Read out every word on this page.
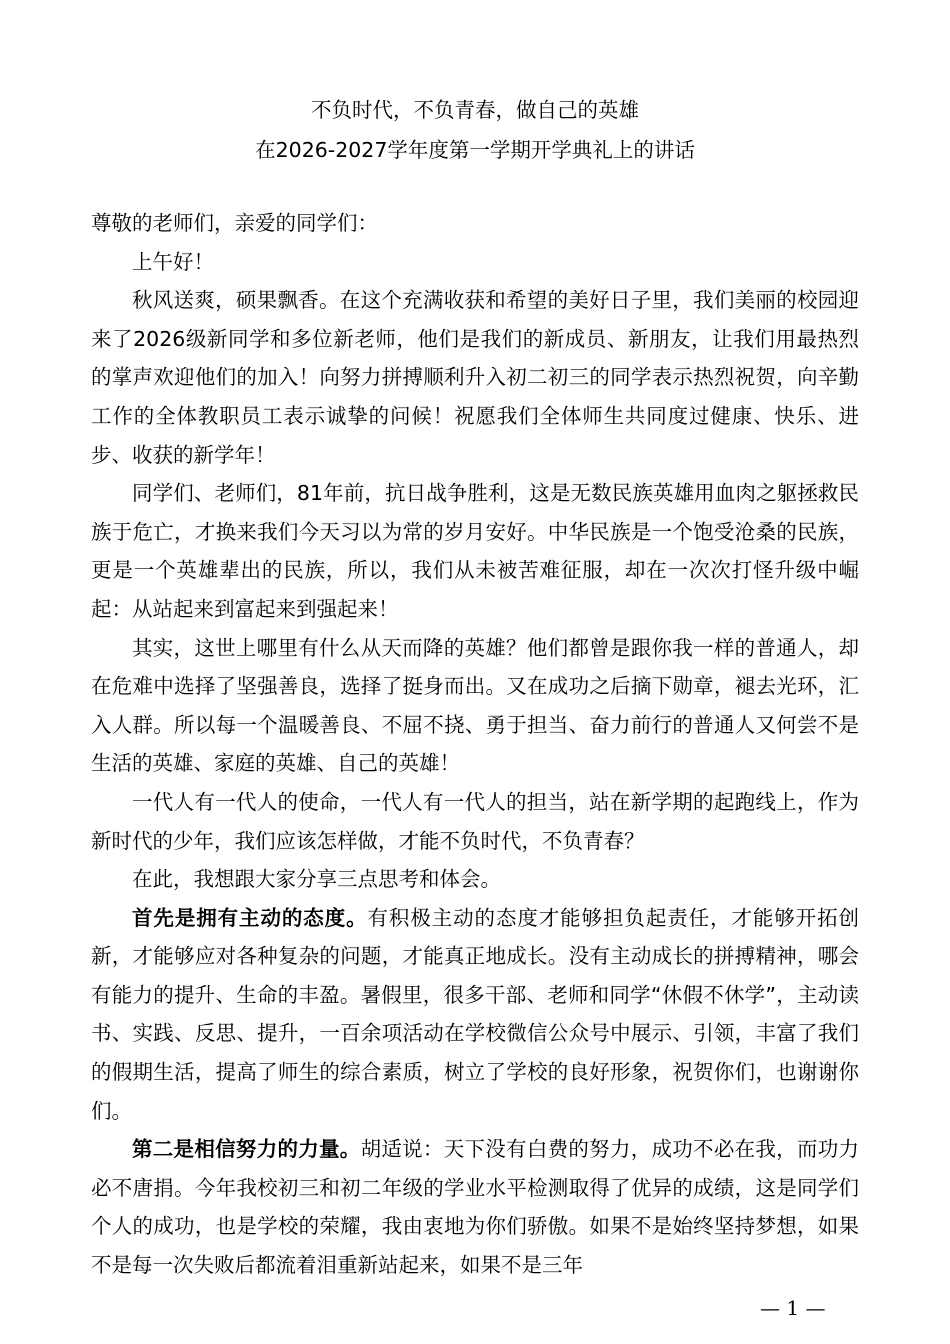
不负时代，不负青春，做自己的英雄
在2026-2027学年度第一学期开学典礼上的讲话

尊敬的老师们，亲爱的同学们：

上午好！

秋风送爽，硕果飘香。在这个充满收获和希望的美好日子里，我们美丽的校园迎来了2026级新同学和多位新老师，他们是我们的新成员、新朋友，让我们用最热烈的掌声欢迎他们的加入！向努力拼搏顺利升入初二初三的同学表示热烈祝贺，向辛勤工作的全体教职员工表示诚挚的问候！祝愿我们全体师生共同度过健康、快乐、进步、收获的新学年！

同学们、老师们，81年前，抗日战争胜利，这是无数民族英雄用血肉之躯拯救民族于危亡，才换来我们今天习以为常的岁月安好。中华民族是一个饱受沧桑的民族，更是一个英雄辈出的民族，所以，我们从未被苦难征服，却在一次次打怪升级中崛起：从站起来到富起来到强起来！

其实，这世上哪里有什么从天而降的英雄？他们都曾是跟你我一样的普通人，却在危难中选择了坚强善良，选择了挺身而出。又在成功之后摘下勋章，褪去光环，汇入人群。所以每一个温暖善良、不屈不挠、勇于担当、奋力前行的普通人又何尝不是生活的英雄、家庭的英雄、自己的英雄！

一代人有一代人的使命，一代人有一代人的担当，站在新学期的起跑线上，作为新时代的少年，我们应该怎样做，才能不负时代，不负青春？

在此，我想跟大家分享三点思考和体会。

首先是拥有主动的态度。有积极主动的态度才能够担负起责任，才能够开拓创新，才能够应对各种复杂的问题，才能真正地成长。没有主动成长的拼搏精神，哪会有能力的提升、生命的丰盈。暑假里，很多干部、老师和同学“休假不休学”，主动读书、实践、反思、提升，一百余项活动在学校微信公众号中展示、引领，丰富了我们的假期生活，提高了师生的综合素质，树立了学校的良好形象，祝贺你们，也谢谢你们。

第二是相信努力的力量。胡适说：天下没有白费的努力，成功不必在我，而功力必不唐捐。今年我校初三和初二年级的学业水平检测取得了优异的成绩，这是同学们个人的成功，也是学校的荣耀，我由衷地为你们骄傲。如果不是始终坚持梦想，如果不是每一次失败后都流着泪重新站起来，如果不是三年

— 1 —
